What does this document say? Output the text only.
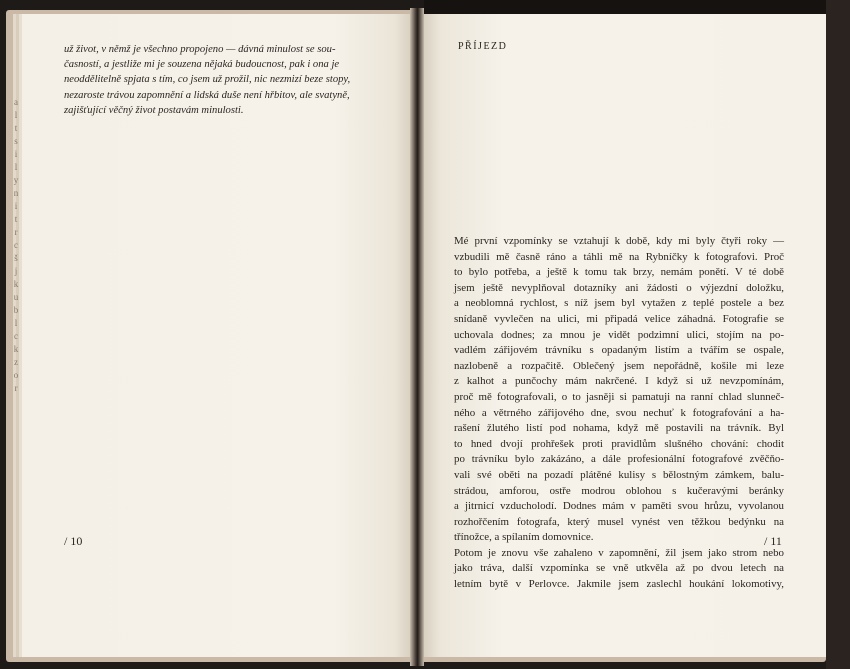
a
l
t
s
i
l
y
n
i
t
r
c
š
j
k
u
b
l
c
k
z
o
r
už život, v němž je všechno propojeno — dávná minulost se sou-
časností, a jestliže mi je souzena nějaká budoucnost, pak i ona je
neoddělitelně spjata s tím, co jsem už prožil, nic nezmizí beze stopy,
nezaroste trávou zapomnění a lidská duše není hřbitov, ale svatyně,
zajišťující věčný život postavám minulosti.
/ 10
PŘÍJEZD
Mé první vzpomínky se vztahují k době, kdy mi byly čtyři roky —
vzbudili mě časně ráno a táhli mě na Rybníčky k fotografovi. Proč
to bylo potřeba, a ještě k tomu tak brzy, nemám ponětí. V té době
jsem ještě nevyplňoval dotazníky ani žádosti o výjezdní doložku,
a neoblomná rychlost, s níž jsem byl vytažen z teplé postele a bez
snídaně vyvlečen na ulici, mi připadá velice záhadná. Fotografie se
uchovala dodnes; za mnou je vidět podzimní ulici, stojím na po-
vadlém zářijovém trávníku s opadaným listím a tvářím se ospale,
nazlobeně a rozpačitě. Oblečený jsem nepořádně, košile mi leze
z kalhot a punčochy mám nakrčené. I když si už nevzpomínám,
proč mě fotografovali, o to jasněji si pamatuji na ranní chlad slunneč-
ného a větrného zářijového dne, svou nechuť k fotografování a ha-
rašení žlutého listí pod nohama, když mě postavili na trávník. Byl
to hned dvojí prohřešek proti pravidlům slušného chování: chodit
po trávníku bylo zakázáno, a dále profesionální fotografové zvěčňo-
vali své oběti na pozadí plátěné kulisy s bělostným zámkem, balu-
strádou, amforou, ostře modrou oblohou s kučeravými beránky
a jitrnicí vzducholodí. Dodnes mám v paměti svou hrůzu, vyvolanou
rozhořčením fotografa, který musel vynést ven těžkou bedýnku na
třínožce, a spílaním domovnice.
Potom je znovu vše zahaleno v zapomnění, žil jsem jako strom nebo
jako tráva, další vzpomínka se vně utkvěla až po dvou letech na
letním bytě v Perlovce. Jakmile jsem zaslechl houkání lokomotivy,
/ 11
